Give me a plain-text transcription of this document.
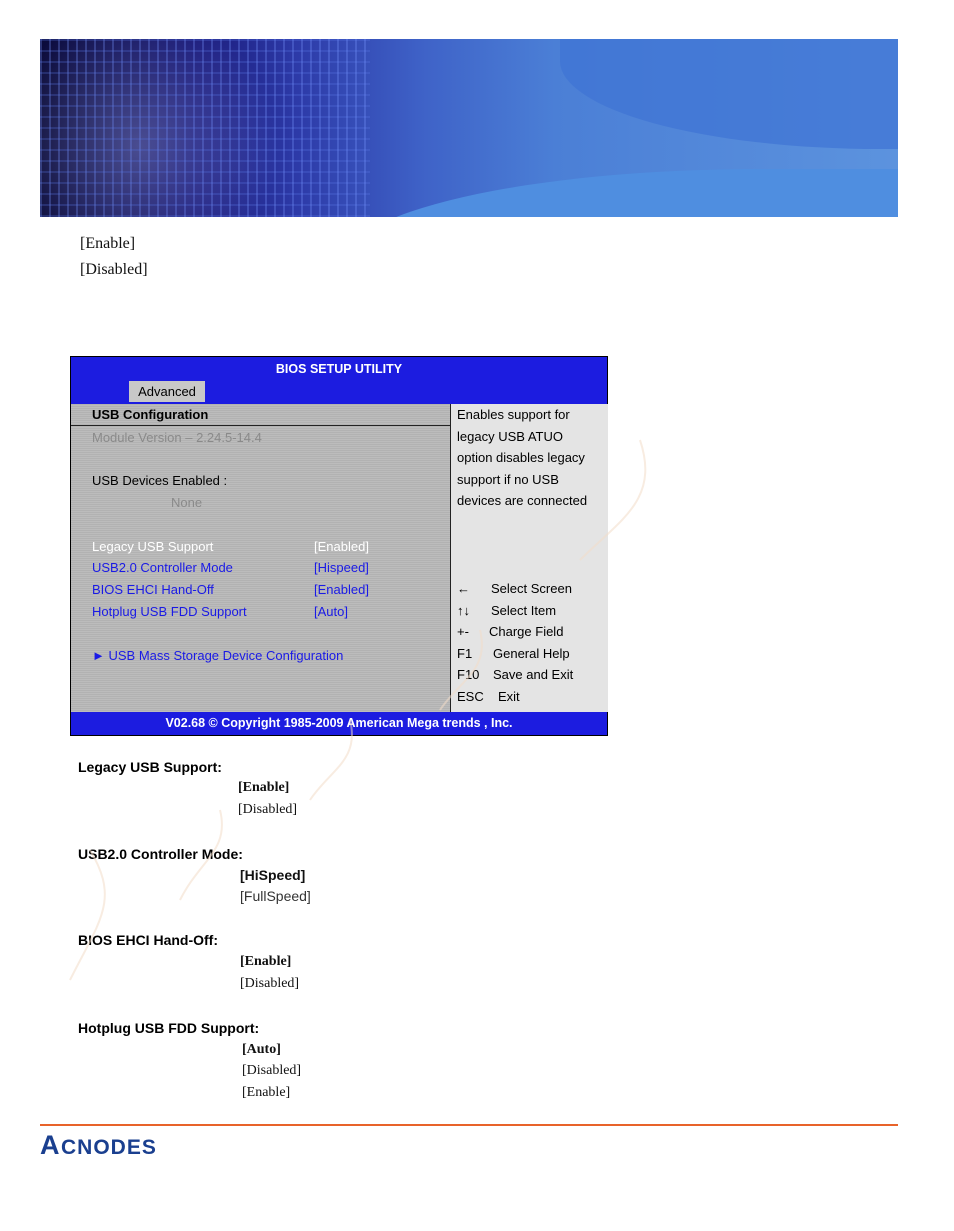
[Enable]
[Disabled]
BIOS SETUP UTILITY
Advanced
USB Configuration
Module Version – 2.24.5-14.4
USB Devices Enabled :
None
Legacy USB Support	[Enabled]
USB2.0 Controller Mode	[Hispeed]
BIOS EHCI Hand-Off	[Enabled]
Hotplug USB FDD Support	[Auto]
► USB Mass Storage Device Configuration
Enables support for
legacy USB ATUO
option disables legacy
support if no USB
devices are connected
← Select Screen
↑↓ Select Item
+- Charge Field
F1 General Help
F10 Save and Exit
ESC Exit
V02.68 © Copyright 1985-2009 American Mega trends , Inc.
Legacy USB Support:
[Enable]
[Disabled]
USB2.0 Controller Mode:
[HiSpeed]
[FullSpeed]
BIOS EHCI Hand-Off:
[Enable]
[Disabled]
Hotplug USB FDD Support:
[Auto]
[Disabled]
[Enable]
A CNODES
